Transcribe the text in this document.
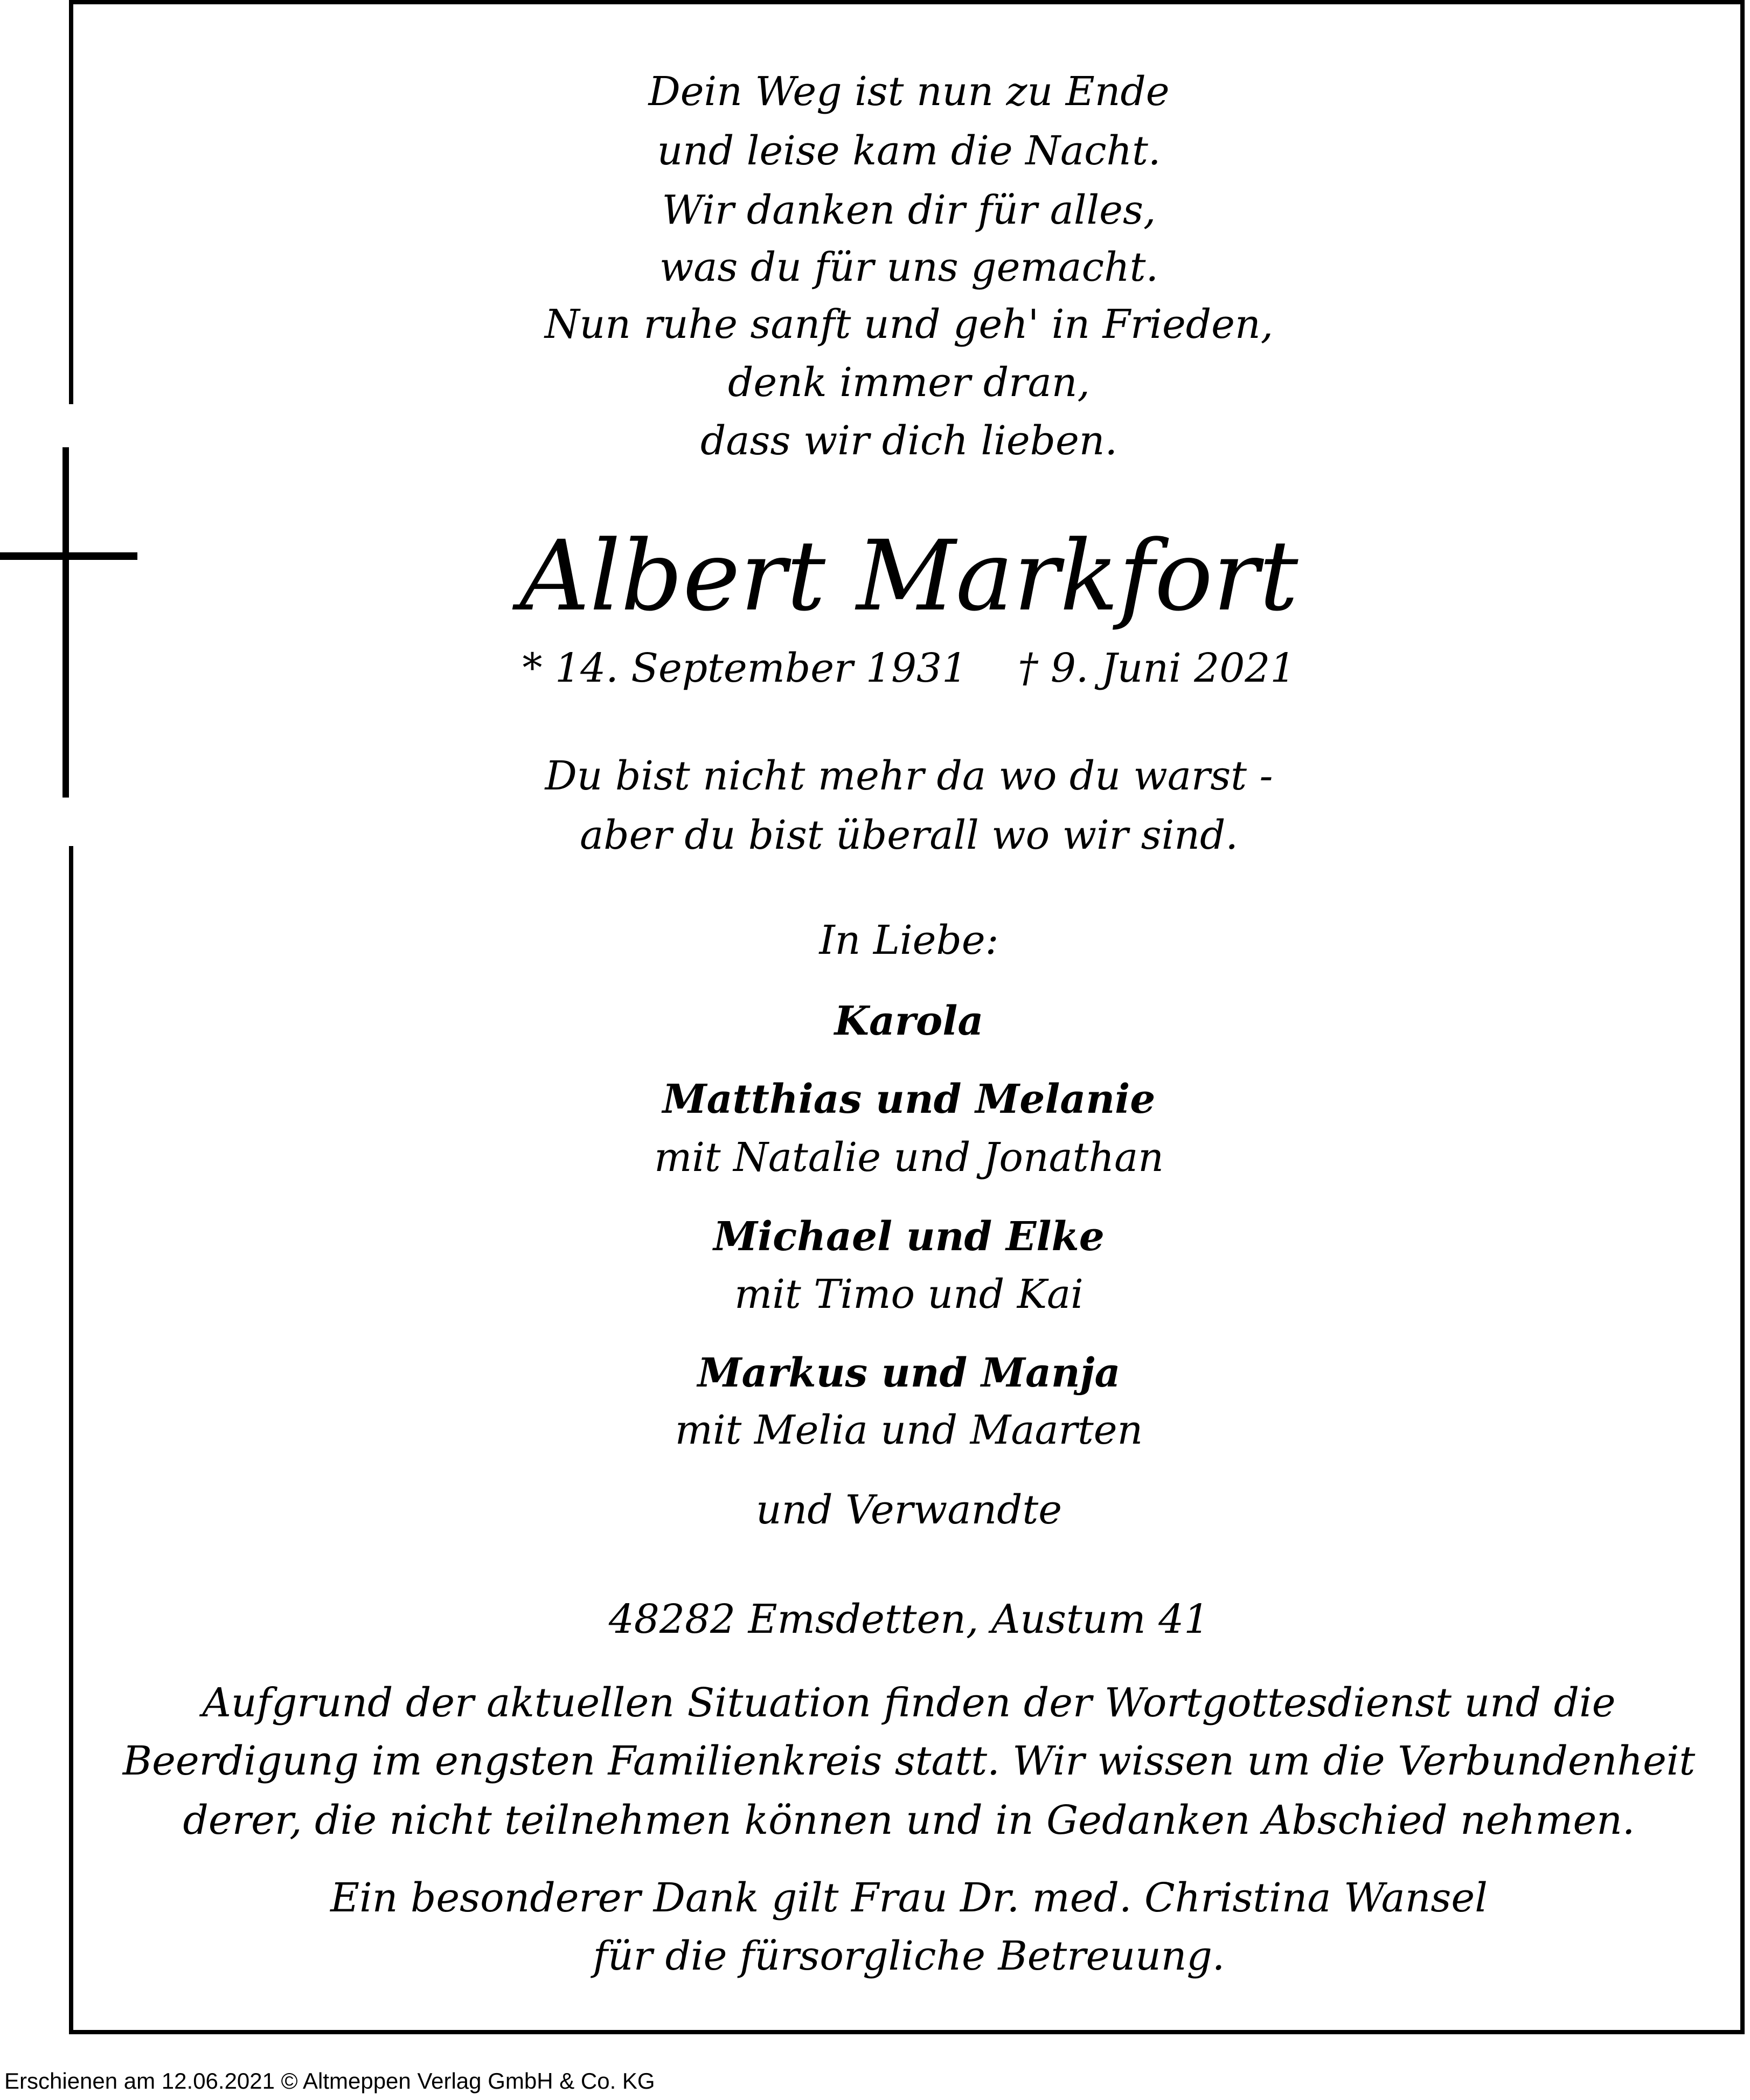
Dein Weg ist nun zu Ende
und leise kam die Nacht.
Wir danken dir für alles,
was du für uns gemacht.
Nun ruhe sanft und geh' in Frieden,
denk immer dran,
dass wir dich lieben.
Albert Markfort
* 14. September 1931    † 9. Juni 2021
Du bist nicht mehr da wo du warst -
aber du bist überall wo wir sind.
In Liebe:
Karola
Matthias und Melanie
mit Natalie und Jonathan
Michael und Elke
mit Timo und Kai
Markus und Manja
mit Melia und Maarten
und Verwandte
48282 Emsdetten, Austum 41
Aufgrund der aktuellen Situation finden der Wortgottesdienst und die
Beerdigung im engsten Familienkreis statt. Wir wissen um die Verbundenheit
derer, die nicht teilnehmen können und in Gedanken Abschied nehmen.
Ein besonderer Dank gilt Frau Dr. med. Christina Wansel
für die fürsorgliche Betreuung.
Erschienen am 12.06.2021 © Altmeppen Verlag GmbH & Co. KG
